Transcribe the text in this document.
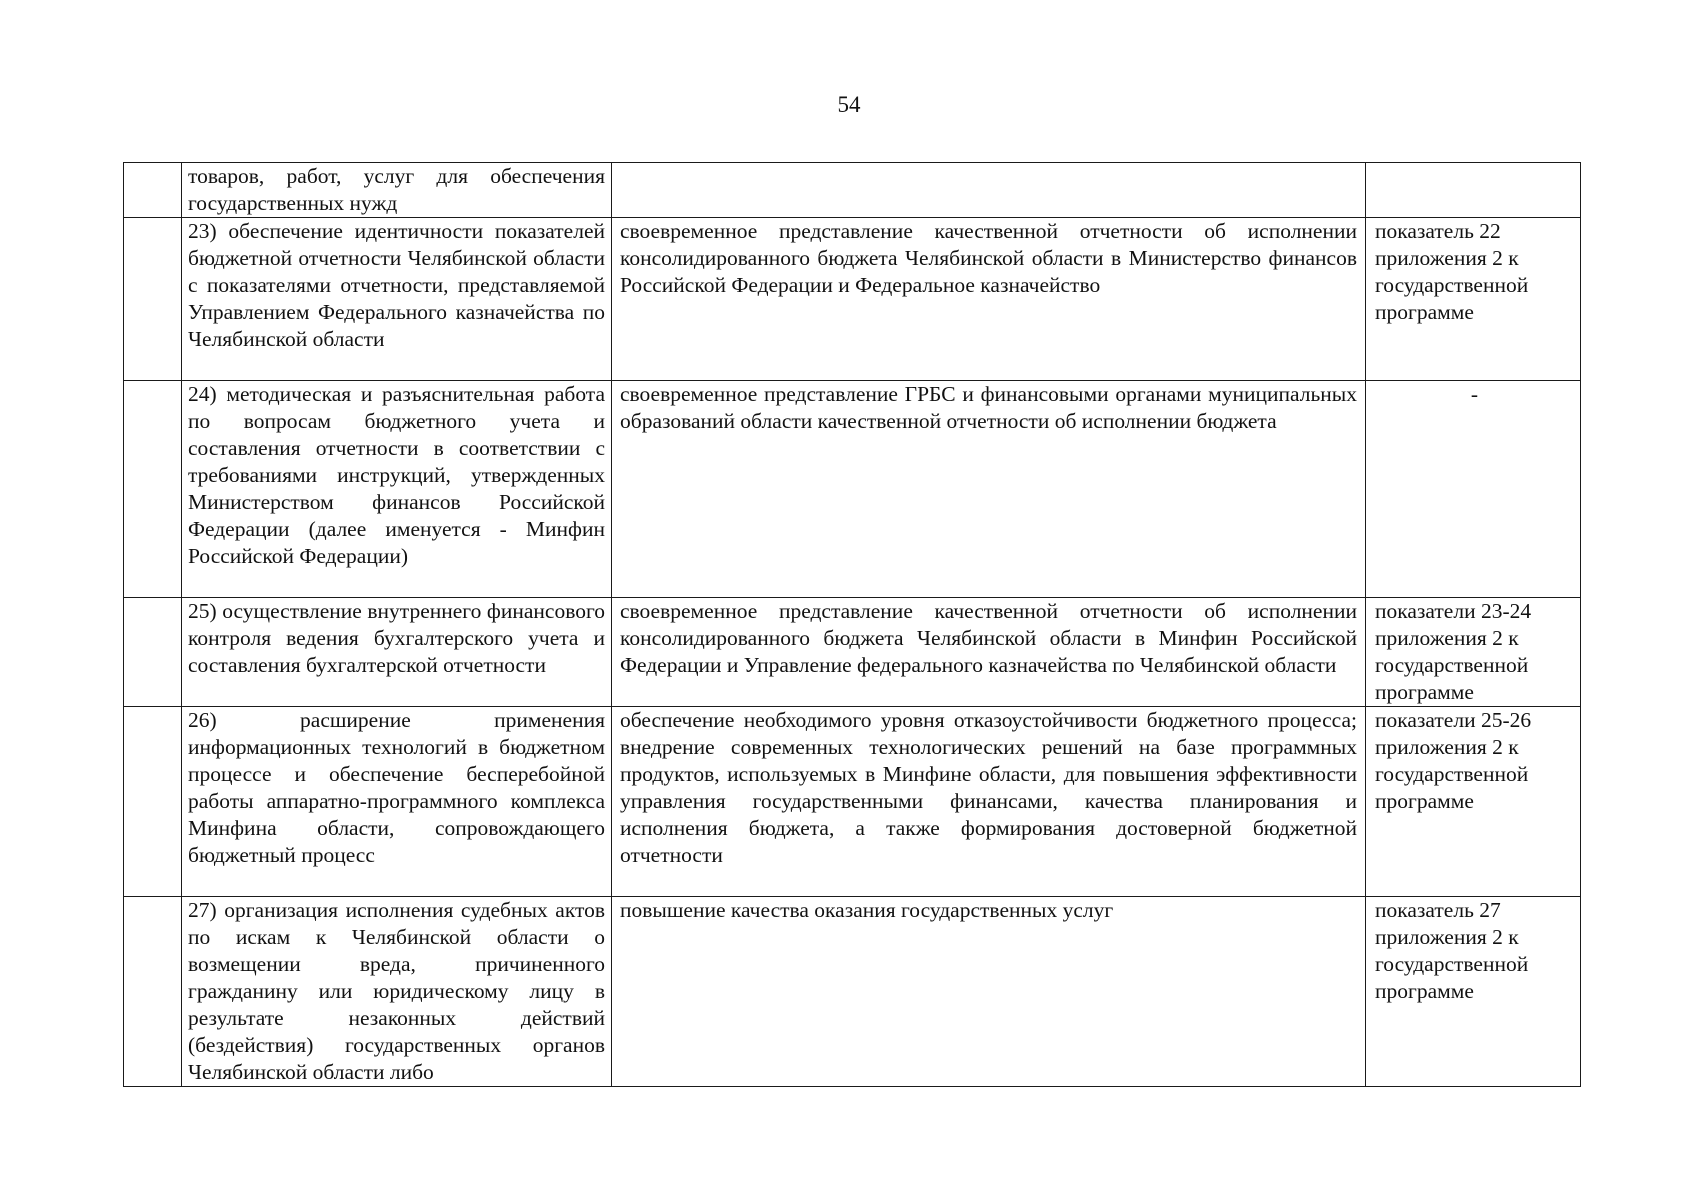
54

	товаров, работ, услуг для обеспечения государственных нужд		

	23) обеспечение идентичности показателей бюджетной отчетности Челябинской области с показателями отчетности, представляемой Управлением Федерального казначейства по Челябинской области	своевременное представление качественной отчетности об исполнении консолидированного бюджета Челябинской области в Министерство финансов Российской Федерации и Федеральное казначейство	показатель 22 приложения 2 к государственной программе

	24) методическая и разъяснительная работа по вопросам бюджетного учета и составления отчетности в соответствии с требованиями инструкций, утвержденных Министерством финансов Российской Федерации (далее именуется - Минфин Российской Федерации)	своевременное представление ГРБС и финансовыми органами муниципальных образований области качественной отчетности об исполнении бюджета	-

	25) осуществление внутреннего финансового контроля ведения бухгалтерского учета и составления бухгалтерской отчетности	своевременное представление качественной отчетности об исполнении консолидированного бюджета Челябинской области в Минфин Российской Федерации и Управление федерального казначейства по Челябинской области	показатели 23-24 приложения 2 к государственной программе

	26) расширение применения информационных технологий в бюджетном процессе и обеспечение бесперебойной работы аппаратно-программного комплекса Минфина области, сопровождающего бюджетный процесс	обеспечение необходимого уровня отказоустойчивости бюджетного процесса; внедрение современных технологических решений на базе программных продуктов, используемых в Минфине области, для повышения эффективности управления государственными финансами, качества планирования и исполнения бюджета, а также формирования достоверной бюджетной отчетности	показатели 25-26 приложения 2 к государственной программе

	27) организация исполнения судебных актов по искам к Челябинской области о возмещении вреда, причиненного гражданину или юридическому лицу в результате незаконных действий (бездействия) государственных органов Челябинской области либо	повышение качества оказания государственных услуг	показатель 27 приложения 2 к государственной программе
